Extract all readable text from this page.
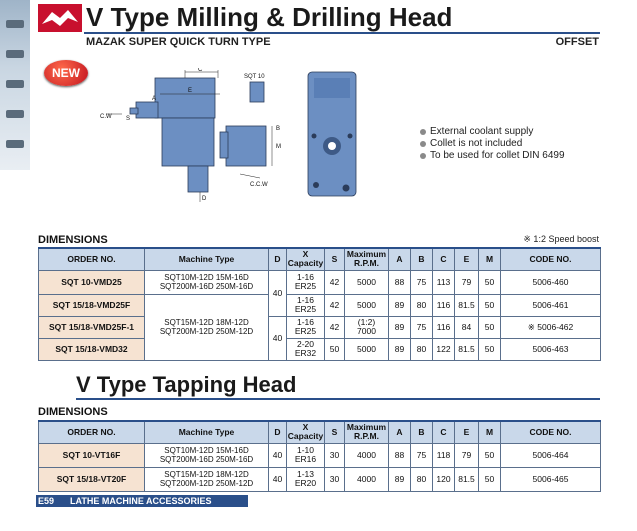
V Type Milling & Drilling Head
MAZAK SUPER QUICK TURN TYPE	OFFSET
NEW
C.W
C.C.W
SQT 10
C
E
A
B
M
D
S
External coolant supply
Collet is not included
To be used for collet DIN 6499
DIMENSIONS	※ 1:2 Speed boost
ORDER NO.	Machine Type	D	X
Capacity	S	Maximum
R.P.M.	A	B	C	E	M	CODE NO.
SQT 10-VMD25	SQT10M-12D 15M-16D
SQT200M-16D 250M-16D	40	1-16
ER25	42	5000	88	75	113	79	50	5006-460
SQT 15/18-VMD25F	SQT15M-12D 18M-12D
SQT200M-12D 250M-12D		1-16
ER25	42	5000	89	80	116	81.5	50	5006-461
SQT 15/18-VMD25F-1		40	1-16
ER25	42	(1:2)
7000	89	75	116	84	50	※ 5006-462
SQT 15/18-VMD32			2-20
ER32	50	5000	89	80	122	81.5	50	5006-463
V Type Tapping Head
DIMENSIONS
ORDER NO.	Machine Type	D	X
Capacity	S	Maximum
R.P.M.	A	B	C	E	M	CODE NO.
SQT 10-VT16F	SQT10M-12D 15M-16D
SQT200M-16D 250M-16D	40	1-10
ER16	30	4000	88	75	118	79	50	5006-464
SQT 15/18-VT20F	SQT15M-12D 18M-12D
SQT200M-12D 250M-12D	40	1-13
ER20	30	4000	89	80	120	81.5	50	5006-465
E59 LATHE MACHINE ACCESSORIES
